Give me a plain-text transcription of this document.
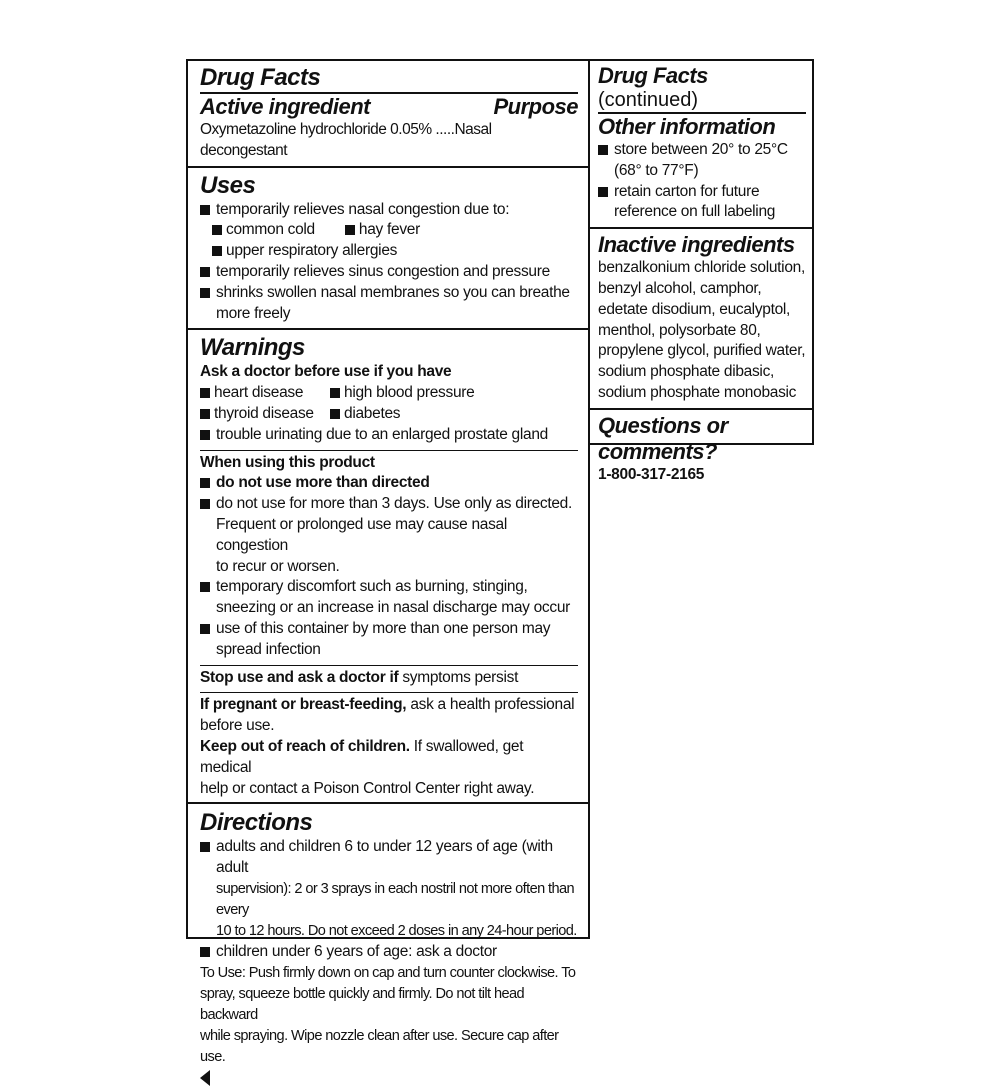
Drug Facts
Active ingredient	Purpose
Oxymetazoline hydrochloride 0.05% .....Nasal decongestant
Uses
temporarily relieves nasal congestion due to:
common cold	hay fever
upper respiratory allergies
temporarily relieves sinus congestion and pressure
shrinks swollen nasal membranes so you can breathe
more freely
Warnings
Ask a doctor before use if you have
heart disease	high blood pressure
thyroid disease diabetes
trouble urinating due to an enlarged prostate gland
When using this product
do not use more than directed
do not use for more than 3 days. Use only as directed.
Frequent or prolonged use may cause nasal congestion
to recur or worsen.
temporary discomfort such as burning, stinging,
sneezing or an increase in nasal discharge may occur
use of this container by more than one person may
spread infection
Stop use and ask a doctor if symptoms persist
If pregnant or breast-feeding, ask a health professional
before use.
Keep out of reach of children. If swallowed, get medical
help or contact a Poison Control Center right away.
Directions
adults and children 6 to under 12 years of age (with adult
supervision): 2 or 3 sprays in each nostril not more often than every
10 to 12 hours. Do not exceed 2 doses in any 24-hour period.
children under 6 years of age: ask a doctor
To Use: Push firmly down on cap and turn counter clockwise. To
spray, squeeze bottle quickly and firmly. Do not tilt head backward
while spraying. Wipe nozzle clean after use. Secure cap after use.
Drug Facts (continued)
Other information
store between 20° to 25°C
(68° to 77°F)
retain carton for future
reference on full labeling
Inactive ingredients
benzalkonium chloride solution,
benzyl alcohol, camphor,
edetate disodium, eucalyptol,
menthol, polysorbate 80,
propylene glycol, purified water,
sodium phosphate dibasic,
sodium phosphate monobasic
Questions or comments?
1-800-317-2165
